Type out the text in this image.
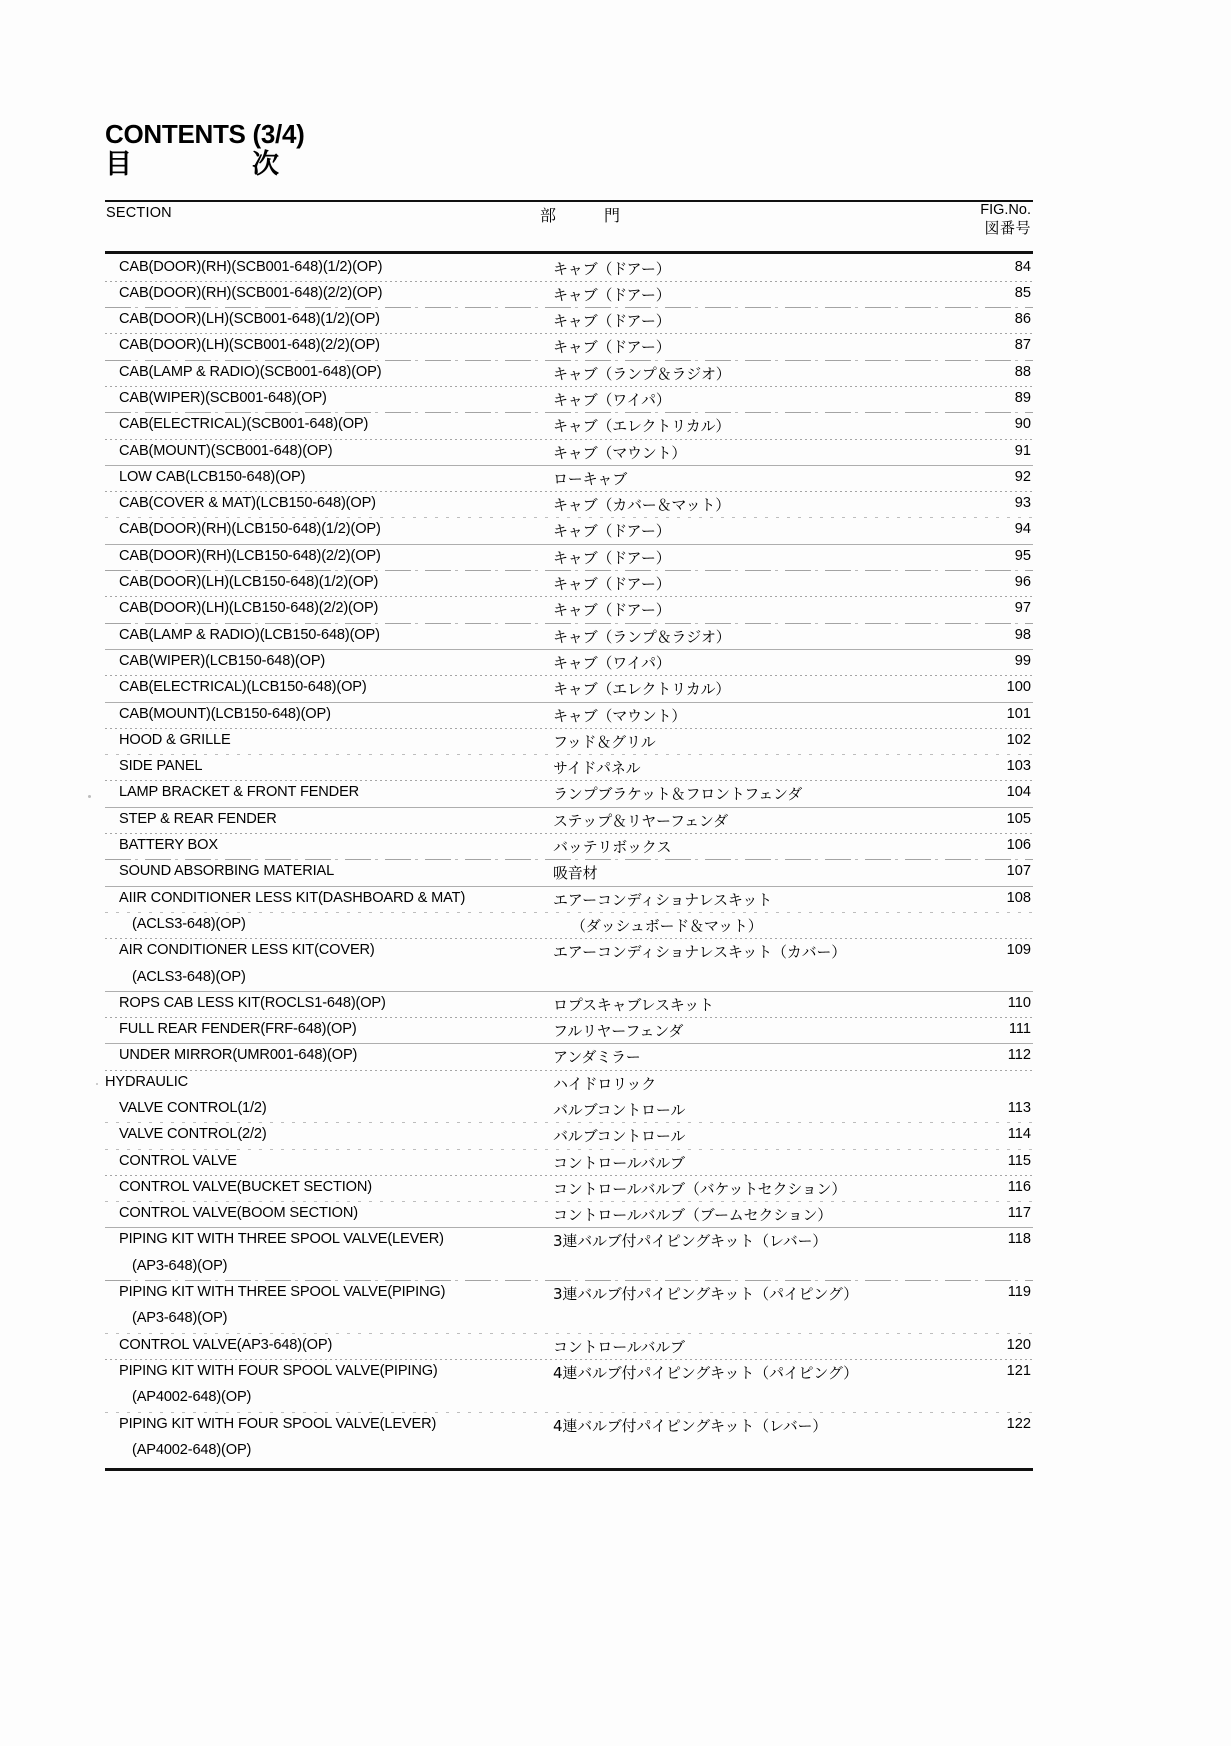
CONTENTS (3/4)
目　　次
SECTION	部　門	FIG.No.
図番号
CAB(DOOR)(RH)(SCB001-648)(1/2)(OP)	キャブ（ドアー）	84
CAB(DOOR)(RH)(SCB001-648)(2/2)(OP)	キャブ（ドアー）	85
CAB(DOOR)(LH)(SCB001-648)(1/2)(OP)	キャブ（ドアー）	86
CAB(DOOR)(LH)(SCB001-648)(2/2)(OP)	キャブ（ドアー）	87
CAB(LAMP & RADIO)(SCB001-648)(OP)	キャブ（ランプ＆ラジオ）	88
CAB(WIPER)(SCB001-648)(OP)	キャブ（ワイパ）	89
CAB(ELECTRICAL)(SCB001-648)(OP)	キャブ（エレクトリカル）	90
CAB(MOUNT)(SCB001-648)(OP)	キャブ（マウント）	91
LOW CAB(LCB150-648)(OP)	ローキャブ	92
CAB(COVER & MAT)(LCB150-648)(OP)	キャブ（カバー＆マット）	93
CAB(DOOR)(RH)(LCB150-648)(1/2)(OP)	キャブ（ドアー）	94
CAB(DOOR)(RH)(LCB150-648)(2/2)(OP)	キャブ（ドアー）	95
CAB(DOOR)(LH)(LCB150-648)(1/2)(OP)	キャブ（ドアー）	96
CAB(DOOR)(LH)(LCB150-648)(2/2)(OP)	キャブ（ドアー）	97
CAB(LAMP & RADIO)(LCB150-648)(OP)	キャブ（ランプ＆ラジオ）	98
CAB(WIPER)(LCB150-648)(OP)	キャブ（ワイパ）	99
CAB(ELECTRICAL)(LCB150-648)(OP)	キャブ（エレクトリカル）	100
CAB(MOUNT)(LCB150-648)(OP)	キャブ（マウント）	101
HOOD & GRILLE	フッド＆グリル	102
SIDE PANEL	サイドパネル	103
LAMP BRACKET & FRONT FENDER	ランプブラケット＆フロントフェンダ	104
STEP & REAR FENDER	ステップ＆リヤーフェンダ	105
BATTERY BOX	バッテリボックス	106
SOUND ABSORBING MATERIAL	吸音材	107
AIIR CONDITIONER LESS KIT(DASHBOARD & MAT)	エアーコンディショナレスキット	108
(ACLS3-648)(OP)	（ダッシュボード＆マット）
AIR CONDITIONER LESS KIT(COVER)	エアーコンディショナレスキット（カバー）	109
(ACLS3-648)(OP)
ROPS CAB LESS KIT(ROCLS1-648)(OP)	ロプスキャブレスキット	110
FULL REAR FENDER(FRF-648)(OP)	フルリヤーフェンダ	111
UNDER MIRROR(UMR001-648)(OP)	アンダミラー	112
HYDRAULIC	ハイドロリック
VALVE CONTROL(1/2)	バルブコントロール	113
VALVE CONTROL(2/2)	バルブコントロール	114
CONTROL VALVE	コントロールバルブ	115
CONTROL VALVE(BUCKET SECTION)	コントロールバルブ（バケットセクション）	116
CONTROL VALVE(BOOM SECTION)	コントロールバルブ（ブームセクション）	117
PIPING KIT WITH THREE SPOOL VALVE(LEVER)	3連バルブ付パイピングキット（レバー）	118
(AP3-648)(OP)
PIPING KIT WITH THREE SPOOL VALVE(PIPING)	3連バルブ付パイピングキット（パイピング）	119
(AP3-648)(OP)
CONTROL VALVE(AP3-648)(OP)	コントロールバルブ	120
PIPING KIT WITH FOUR SPOOL VALVE(PIPING)	4連バルブ付パイピングキット（パイピング）	121
(AP4002-648)(OP)
PIPING KIT WITH FOUR SPOOL VALVE(LEVER)	4連バルブ付パイピングキット（レバー）	122
(AP4002-648)(OP)
